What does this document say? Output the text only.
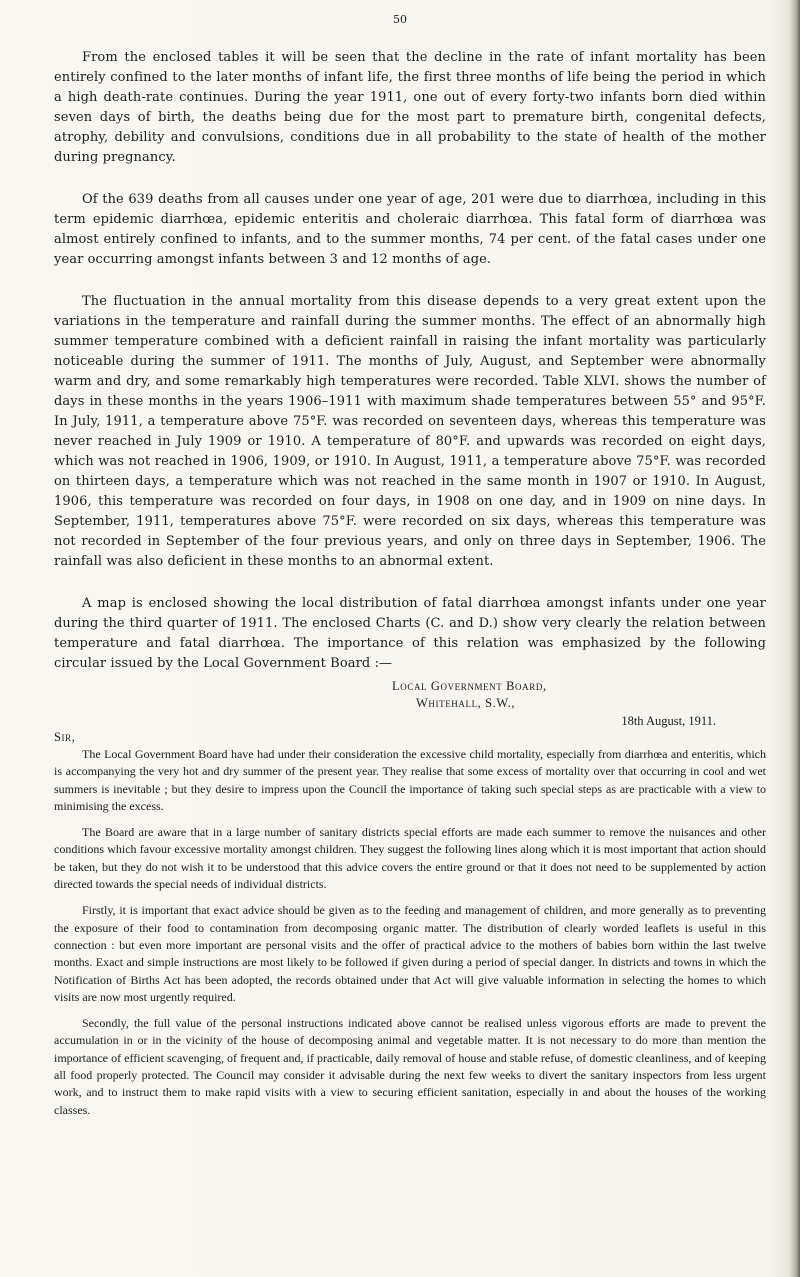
50

From the enclosed tables it will be seen that the decline in the rate of infant mortality has been entirely confined to the later months of infant life, the first three months of life being the period in which a high death-rate continues. During the year 1911, one out of every forty-two infants born died within seven days of birth, the deaths being due for the most part to premature birth, congenital defects, atrophy, debility and convulsions, conditions due in all probability to the state of health of the mother during pregnancy.

Of the 639 deaths from all causes under one year of age, 201 were due to diarrhœa, including in this term epidemic diarrhœa, epidemic enteritis and choleraic diarrhœa. This fatal form of diarrhœa was almost entirely confined to infants, and to the summer months, 74 per cent. of the fatal cases under one year occurring amongst infants between 3 and 12 months of age.

The fluctuation in the annual mortality from this disease depends to a very great extent upon the variations in the temperature and rainfall during the summer months. The effect of an abnormally high summer temperature combined with a deficient rainfall in raising the infant mortality was particularly noticeable during the summer of 1911. The months of July, August, and September were abnormally warm and dry, and some remarkably high temperatures were recorded. Table XLVI. shows the number of days in these months in the years 1906–1911 with maximum shade temperatures between 55° and 95°F. In July, 1911, a temperature above 75°F. was recorded on seventeen days, whereas this temperature was never reached in July 1909 or 1910. A temperature of 80°F. and upwards was recorded on eight days, which was not reached in 1906, 1909, or 1910. In August, 1911, a temperature above 75°F. was recorded on thirteen days, a temperature which was not reached in the same month in 1907 or 1910. In August, 1906, this temperature was recorded on four days, in 1908 on one day, and in 1909 on nine days. In September, 1911, temperatures above 75°F. were recorded on six days, whereas this temperature was not recorded in September of the four previous years, and only on three days in September, 1906. The rainfall was also deficient in these months to an abnormal extent.

A map is enclosed showing the local distribution of fatal diarrhœa amongst infants under one year during the third quarter of 1911. The enclosed Charts (C. and D.) show very clearly the relation between temperature and fatal diarrhœa. The importance of this relation was emphasized by the following circular issued by the Local Government Board :—

Local Government Board,
Whitehall, S.W.,
18th August, 1911.
Sir,

The Local Government Board have had under their consideration the excessive child mortality, especially from diarrhœa and enteritis, which is accompanying the very hot and dry summer of the present year. They realise that some excess of mortality over that occurring in cool and wet summers is inevitable ; but they desire to impress upon the Council the importance of taking such special steps as are practicable with a view to minimising the excess.

The Board are aware that in a large number of sanitary districts special efforts are made each summer to remove the nuisances and other conditions which favour excessive mortality amongst children. They suggest the following lines along which it is most important that action should be taken, but they do not wish it to be understood that this advice covers the entire ground or that it does not need to be supplemented by action directed towards the special needs of individual districts.

Firstly, it is important that exact advice should be given as to the feeding and management of children, and more generally as to preventing the exposure of their food to contamination from decomposing organic matter. The distribution of clearly worded leaflets is useful in this connection : but even more important are personal visits and the offer of practical advice to the mothers of babies born within the last twelve months. Exact and simple instructions are most likely to be followed if given during a period of special danger. In districts and towns in which the Notification of Births Act has been adopted, the records obtained under that Act will give valuable information in selecting the homes to which visits are now most urgently required.

Secondly, the full value of the personal instructions indicated above cannot be realised unless vigorous efforts are made to prevent the accumulation in or in the vicinity of the house of decomposing animal and vegetable matter. It is not necessary to do more than mention the importance of efficient scavenging, of frequent and, if practicable, daily removal of house and stable refuse, of domestic cleanliness, and of keeping all food properly protected. The Council may consider it advisable during the next few weeks to divert the sanitary inspectors from less urgent work, and to instruct them to make rapid visits with a view to securing efficient sanitation, especially in and about the houses of the working classes.
